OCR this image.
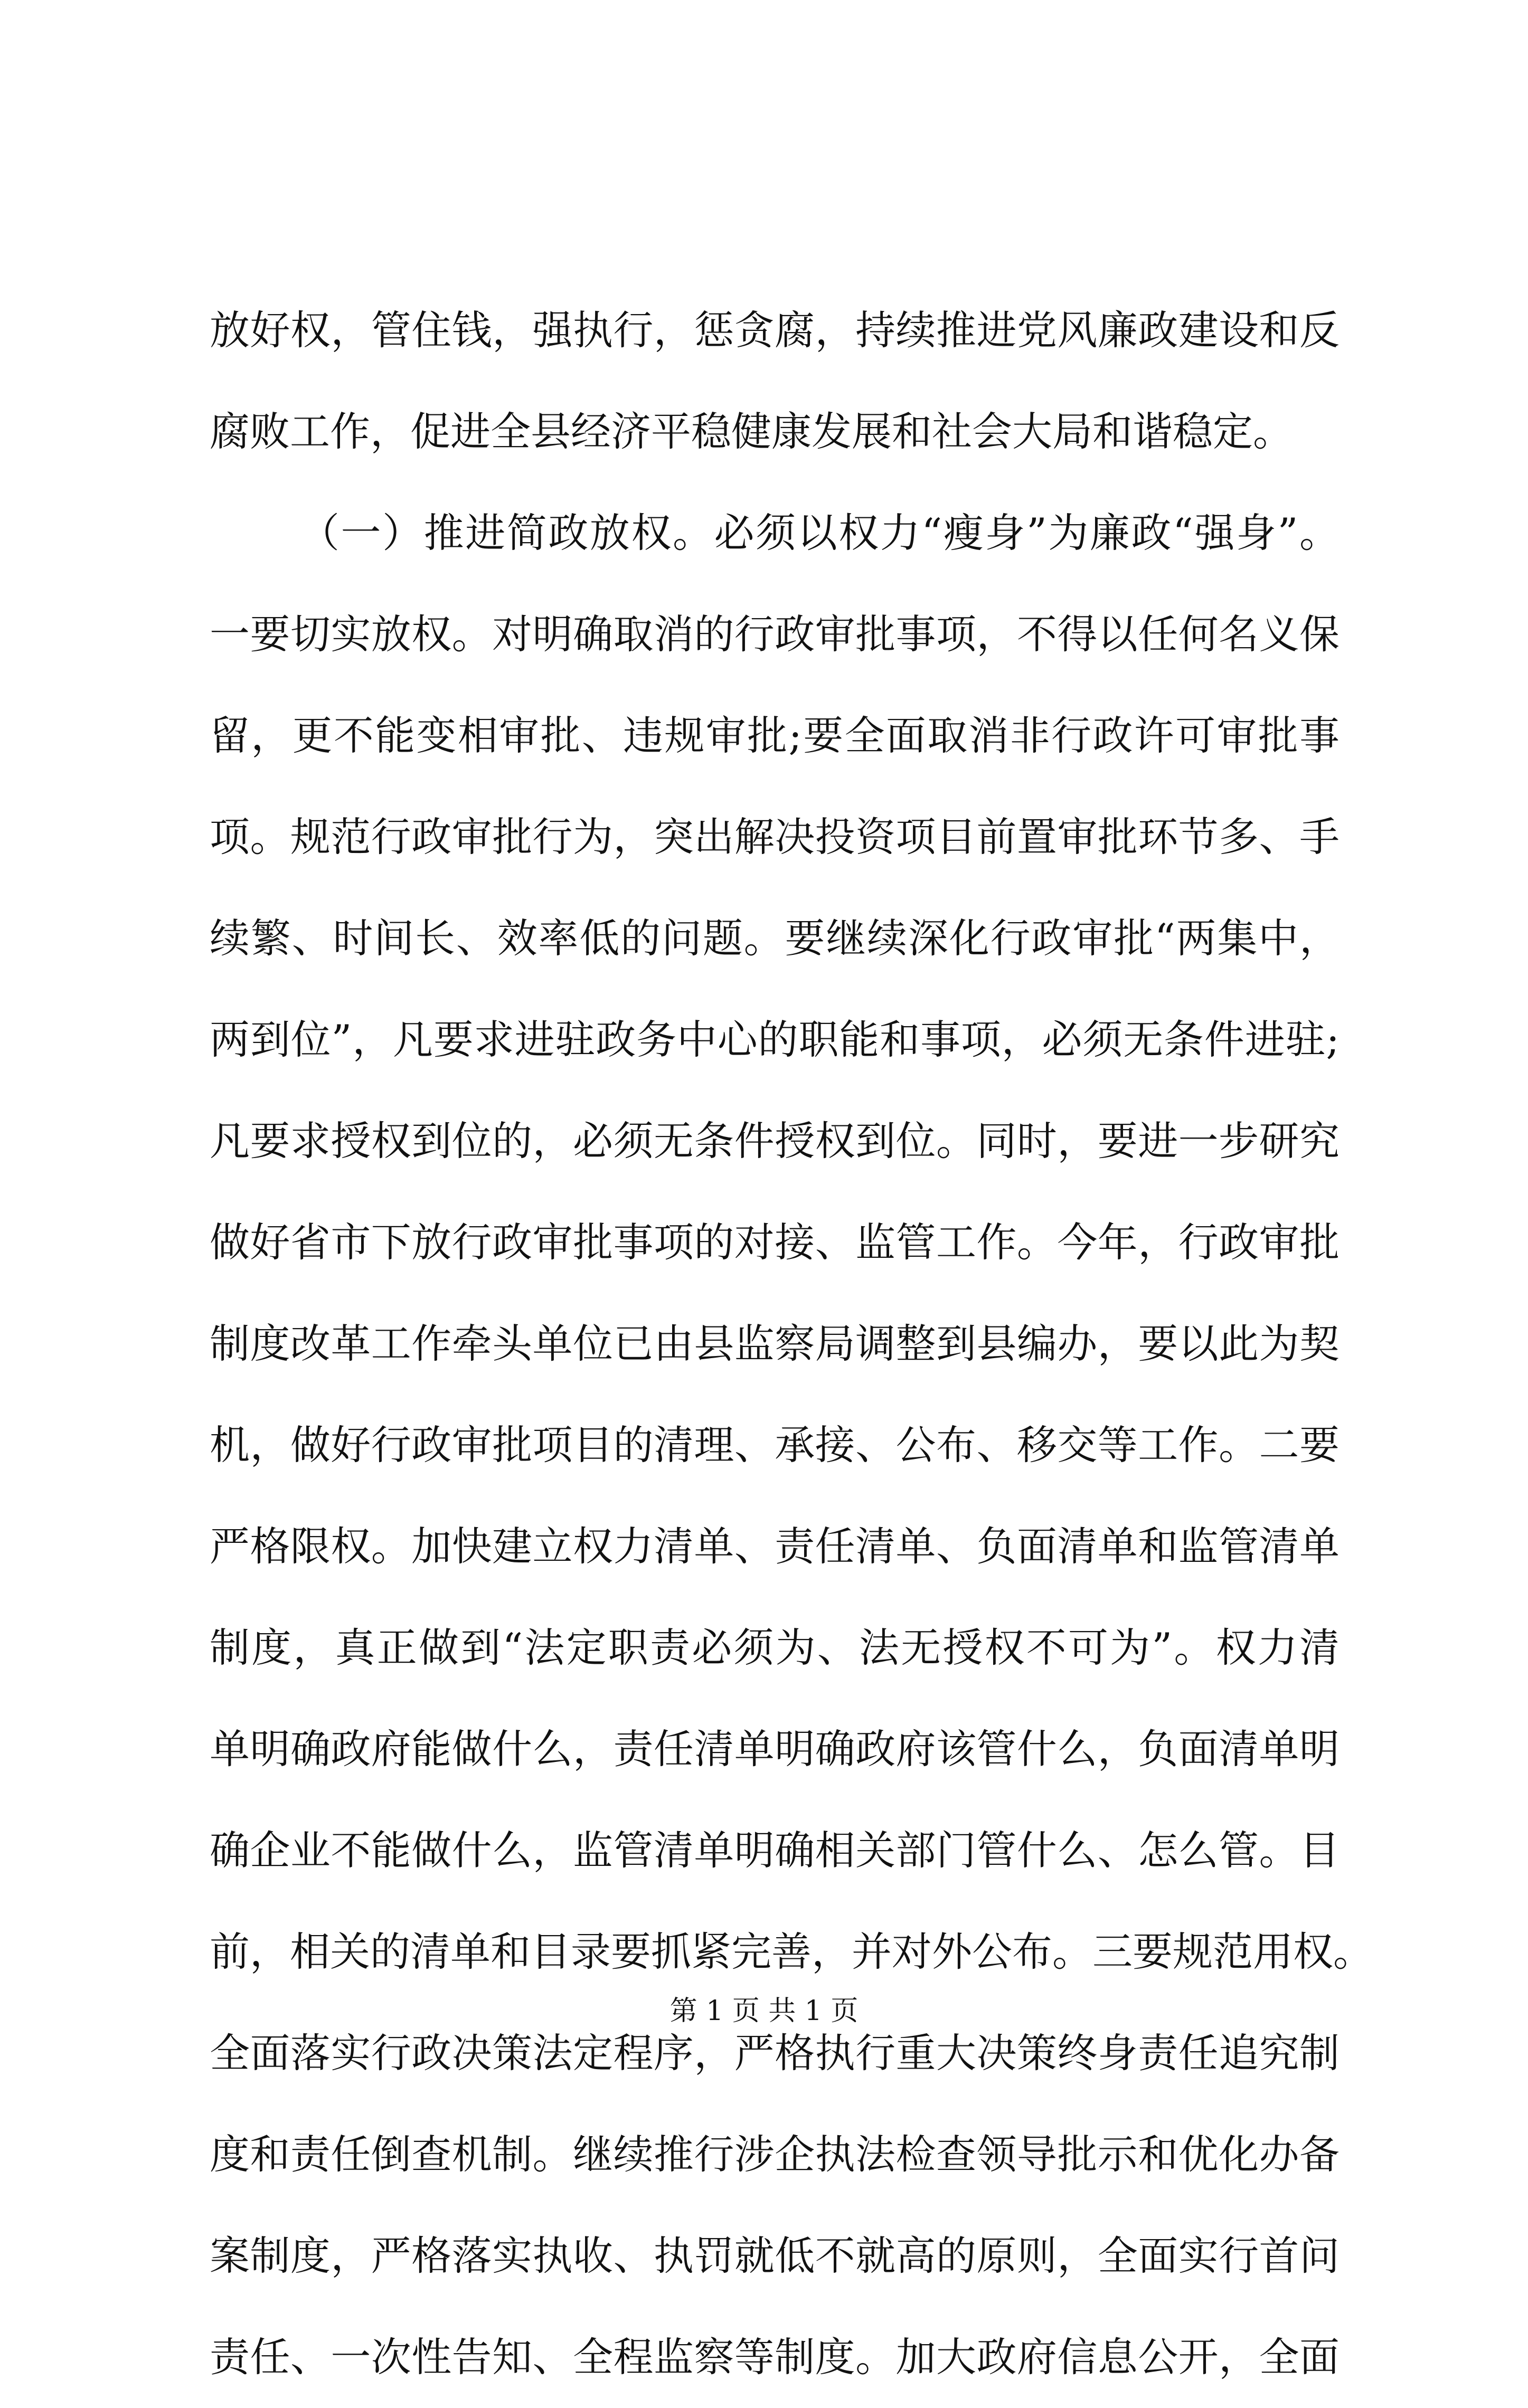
放好权，管住钱，强执行，惩贪腐，持续推进党风廉政建设和反
腐败工作，促进全县经济平稳健康发展和社会大局和谐稳定。
（一）推进简政放权。必须以权力“瘦身”为廉政“强身”。
一要切实放权。对明确取消的行政审批事项，不得以任何名义保
留，更不能变相审批、违规审批;要全面取消非行政许可审批事
项。规范行政审批行为，突出解决投资项目前置审批环节多、手
续繁、时间长、效率低的问题。要继续深化行政审批“两集中，
两到位”，凡要求进驻政务中心的职能和事项，必须无条件进驻;
凡要求授权到位的，必须无条件授权到位。同时，要进一步研究
做好省市下放行政审批事项的对接、监管工作。今年，行政审批
制度改革工作牵头单位已由县监察局调整到县编办，要以此为契
机，做好行政审批项目的清理、承接、公布、移交等工作。二要
严格限权。加快建立权力清单、责任清单、负面清单和监管清单
制度，真正做到“法定职责必须为、法无授权不可为”。权力清
单明确政府能做什么，责任清单明确政府该管什么，负面清单明
确企业不能做什么，监管清单明确相关部门管什么、怎么管。目
前，相关的清单和目录要抓紧完善，并对外公布。三要规范用权。
全面落实行政决策法定程序，严格执行重大决策终身责任追究制
度和责任倒查机制。继续推行涉企执法检查领导批示和优化办备
案制度，严格落实执收、执罚就低不就高的原则，全面实行首问
责任、一次性告知、全程监察等制度。加大政府信息公开，全面
第 1 页 共 1 页
